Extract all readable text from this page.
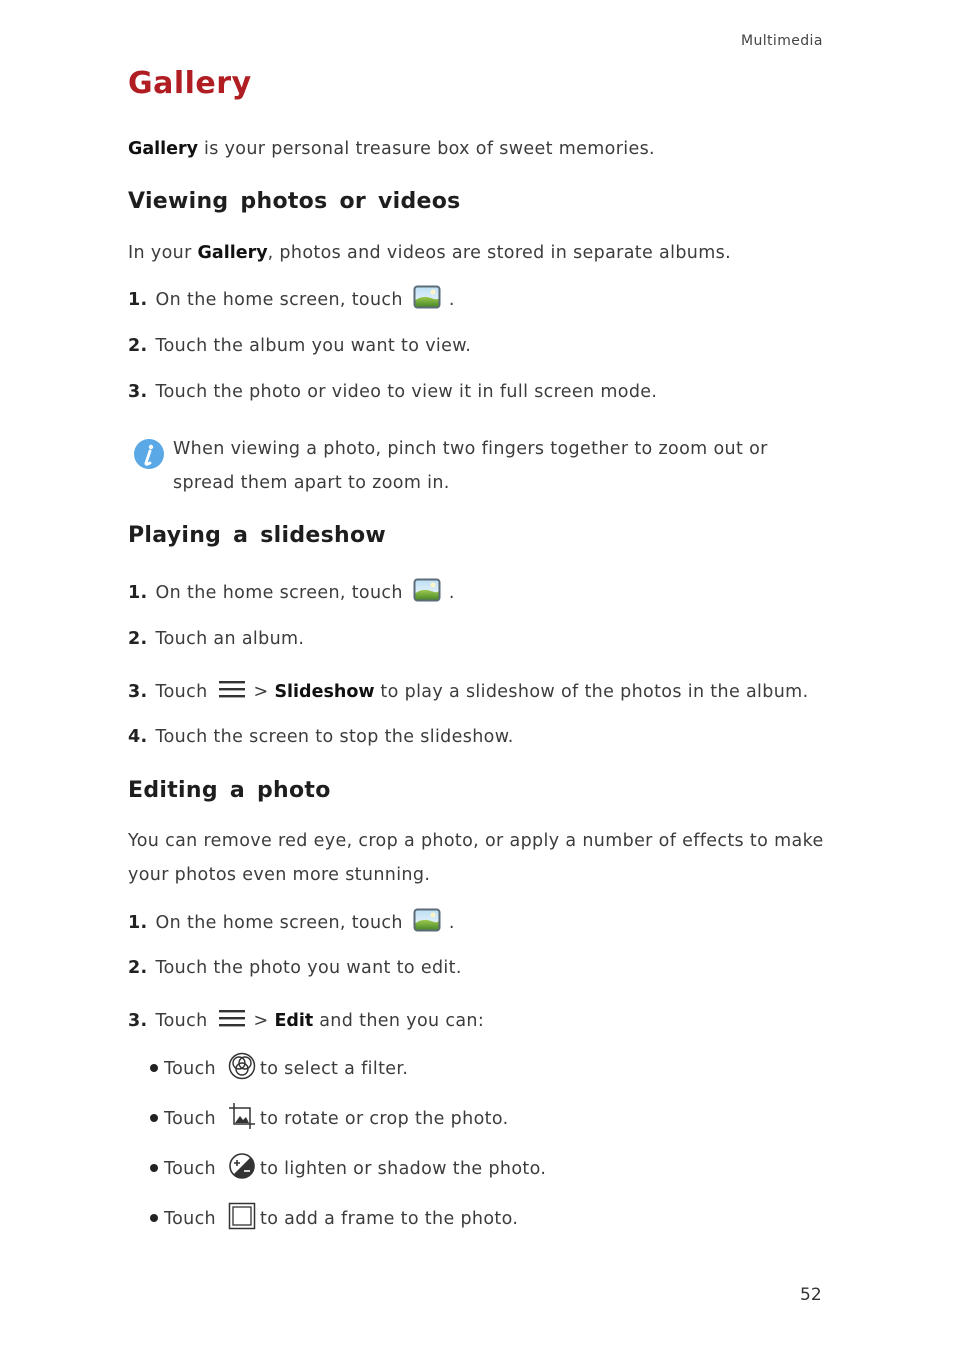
Multimedia
Gallery
Gallery is your personal treasure box of sweet memories.
Viewing photos or videos
In your Gallery, photos and videos are stored in separate albums.
1. On the home screen, touch	.
2. Touch the album you want to view.
3. Touch the photo or video to view it in full screen mode.
When viewing a photo, pinch two fingers together to zoom out or
spread them apart to zoom in.
Playing a slideshow
1. On the home screen, touch	.
2. Touch an album.
3. Touch	> Slideshow to play a slideshow of the photos in the album.
4. Touch the screen to stop the slideshow.
Editing a photo
You can remove red eye, crop a photo, or apply a number of effects to make
your photos even more stunning.
1. On the home screen, touch	.
2. Touch the photo you want to edit.
3. Touch	> Edit and then you can:
Touch	to select a filter.
Touch	to rotate or crop the photo.
Touch	to lighten or shadow the photo.
Touch	to add a frame to the photo.
52
